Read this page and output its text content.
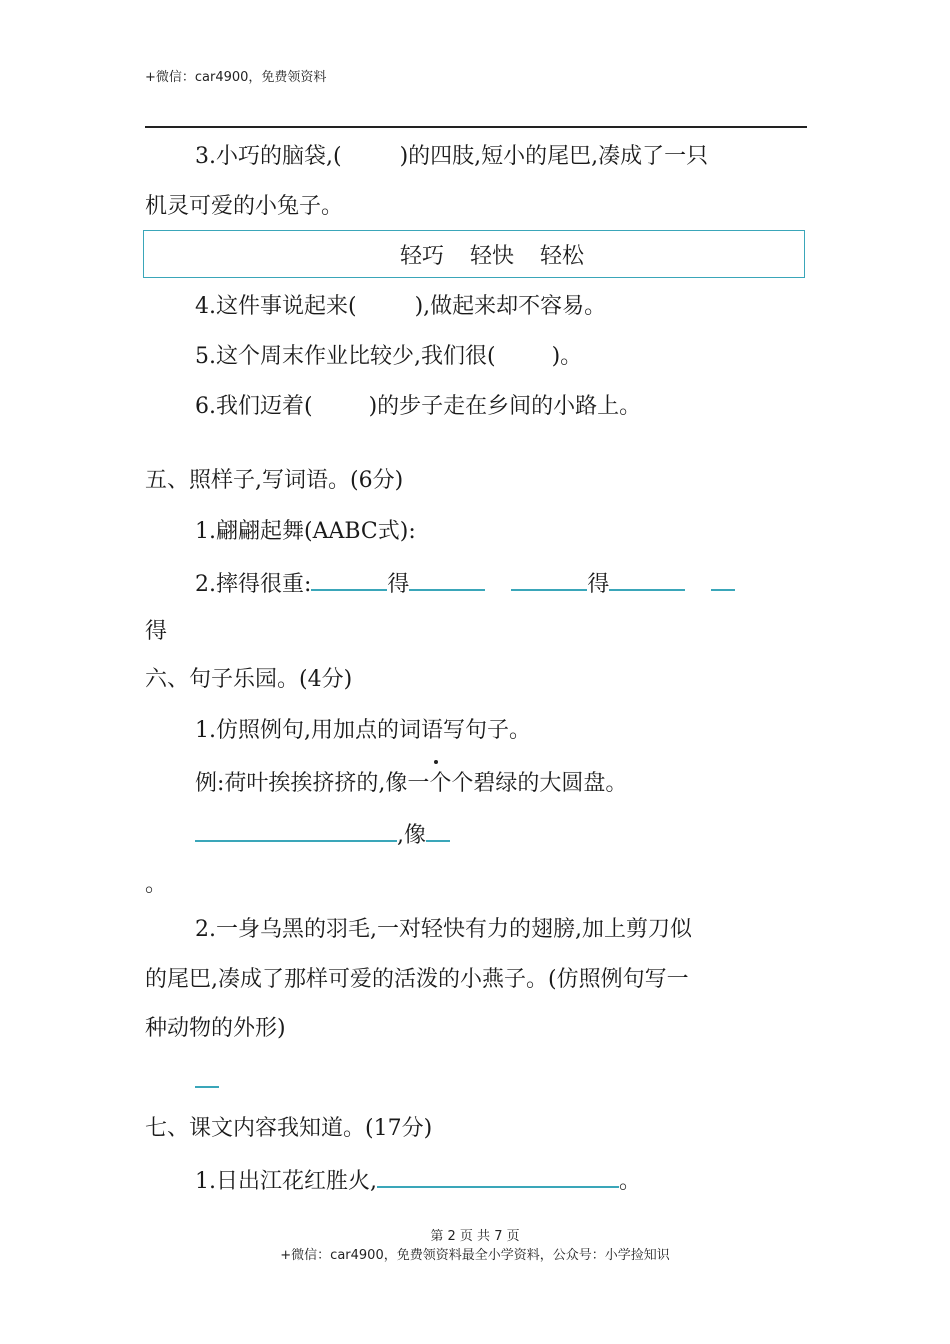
+微信：car4900，免费领资料
3.小巧的脑袋,(	)的四肢,短小的尾巴,凑成了一只
机灵可爱的小兔子。
轻巧 轻快 轻松
4.这件事说起来(	),做起来却不容易。
5.这个周末作业比较少,我们很(	)。
6.我们迈着(	)的步子走在乡间的小路上。
五、照样子,写词语。(6分)
1.翩翩起舞(AABC式):
2.摔得很重:	得	得
得
六、句子乐园。(4分)
1.仿照例句,用加点的词语写句子。
例:荷叶挨挨挤挤的,像一个个碧绿的大圆盘。
,像
。
2.一身乌黑的羽毛,一对轻快有力的翅膀,加上剪刀似
的尾巴,凑成了那样可爱的活泼的小燕子。(仿照例句写一
种动物的外形)
七、课文内容我知道。(17分)
1.日出江花红胜火,	。
第 2 页 共 7 页
+微信：car4900，免费领资料最全小学资料，公众号：小学捡知识
